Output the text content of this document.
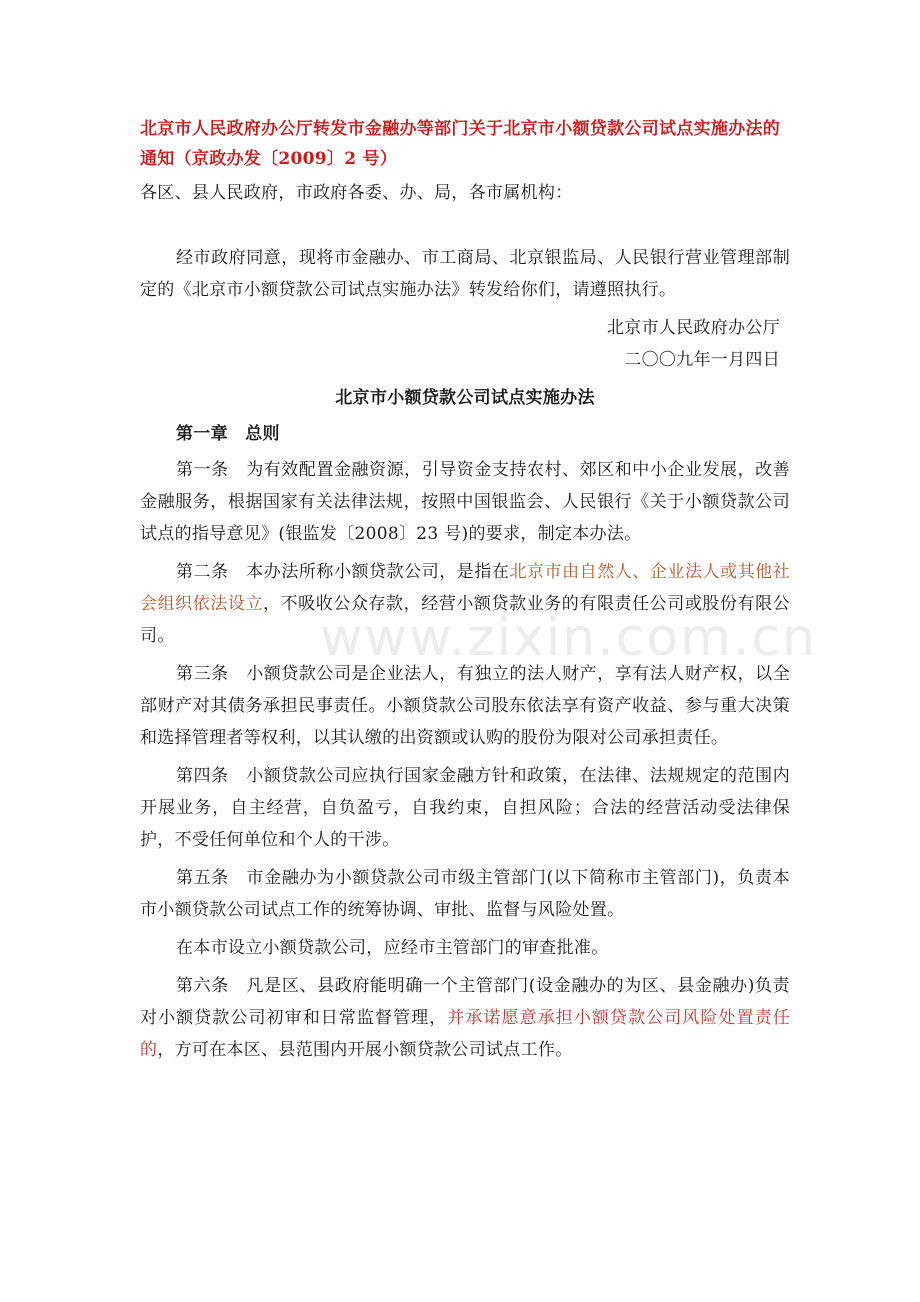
www.zixin.com.cn

北京市人民政府办公厅转发市金融办等部门关于北京市小额贷款公司试点实施办法的通知（京政办发〔2009〕2 号）

各区、县人民政府，市政府各委、办、局，各市属机构：

经市政府同意，现将市金融办、市工商局、北京银监局、人民银行营业管理部制定的《北京市小额贷款公司试点实施办法》转发给你们，请遵照执行。

北京市人民政府办公厅

二〇〇九年一月四日

北京市小额贷款公司试点实施办法

第一章　总则

第一条　为有效配置金融资源，引导资金支持农村、郊区和中小企业发展，改善金融服务，根据国家有关法律法规，按照中国银监会、人民银行《关于小额贷款公司试点的指导意见》(银监发〔2008〕23 号)的要求，制定本办法。

第二条　本办法所称小额贷款公司，是指在北京市由自然人、企业法人或其他社会组织依法设立，不吸收公众存款，经营小额贷款业务的有限责任公司或股份有限公司。

第三条　小额贷款公司是企业法人，有独立的法人财产，享有法人财产权，以全部财产对其债务承担民事责任。小额贷款公司股东依法享有资产收益、参与重大决策和选择管理者等权利，以其认缴的出资额或认购的股份为限对公司承担责任。

第四条　小额贷款公司应执行国家金融方针和政策，在法律、法规规定的范围内开展业务，自主经营，自负盈亏，自我约束，自担风险；合法的经营活动受法律保护，不受任何单位和个人的干涉。

第五条　市金融办为小额贷款公司市级主管部门(以下简称市主管部门)，负责本市小额贷款公司试点工作的统筹协调、审批、监督与风险处置。

在本市设立小额贷款公司，应经市主管部门的审查批准。

第六条　凡是区、县政府能明确一个主管部门(设金融办的为区、县金融办)负责对小额贷款公司初审和日常监督管理，并承诺愿意承担小额贷款公司风险处置责任的，方可在本区、县范围内开展小额贷款公司试点工作。
